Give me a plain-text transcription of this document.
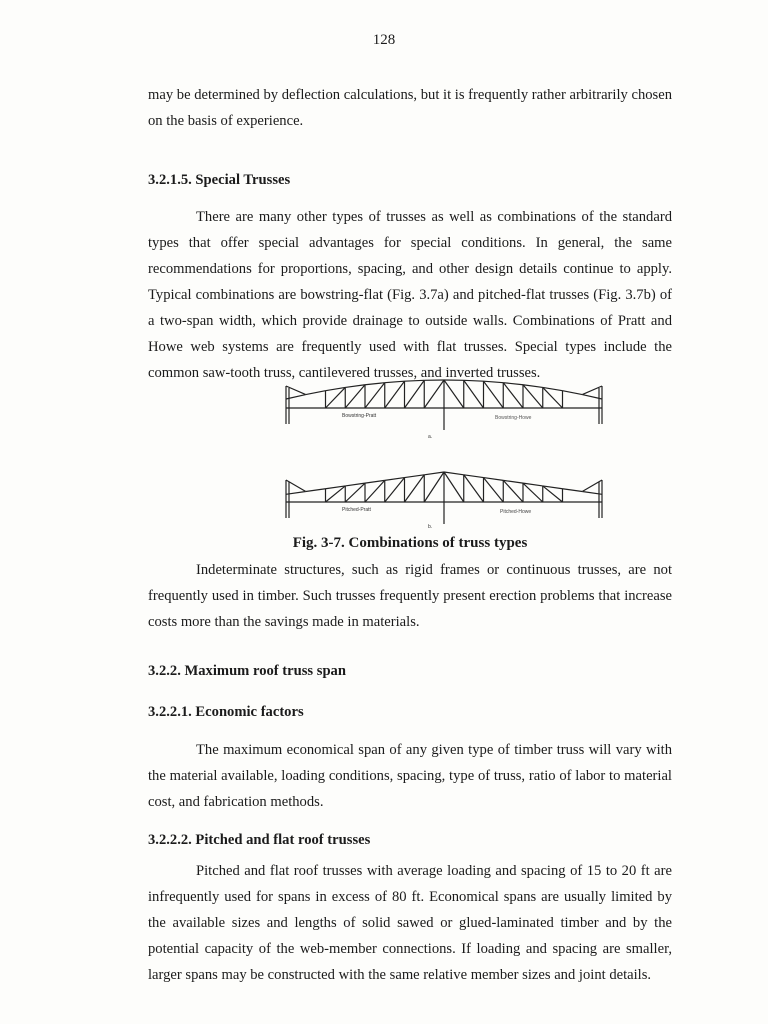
128

may be determined by deflection calculations, but it is frequently rather arbitrarily chosen on the basis of experience.

3.2.1.5. Special Trusses

There are many other types of trusses as well as combinations of the standard types that offer special advantages for special conditions. In general, the same recommendations for proportions, spacing, and other design details continue to apply. Typical combinations are bowstring-flat (Fig. 3.7a) and pitched-flat trusses (Fig. 3.7b) of a two-span width, which provide drainage to outside walls. Combinations of Pratt and Howe web systems are frequently used with flat trusses. Special types include the common saw-tooth truss, cantilevered trusses, and inverted trusses.

Bowstring-Pratt	Bowstring-Howe
a.
Pitched-Pratt	Pitched-Howe
b.
Fig. 3-7. Combinations of truss types

Indeterminate structures, such as rigid frames or continuous trusses, are not frequently used in timber. Such trusses frequently present erection problems that increase costs more than the savings made in materials.

3.2.2. Maximum roof truss span
3.2.2.1. Economic factors

The maximum economical span of any given type of timber truss will vary with the material available, loading conditions, spacing, type of truss, ratio of labor to material cost, and fabrication methods.

3.2.2.2. Pitched and flat roof trusses

Pitched and flat roof trusses with average loading and spacing of 15 to 20 ft are infrequently used for spans in excess of 80 ft. Economical spans are usually limited by the available sizes and lengths of solid sawed or glued-laminated timber and by the potential capacity of the web-member connections. If loading and spacing are smaller, larger spans may be constructed with the same relative member sizes and joint details.
